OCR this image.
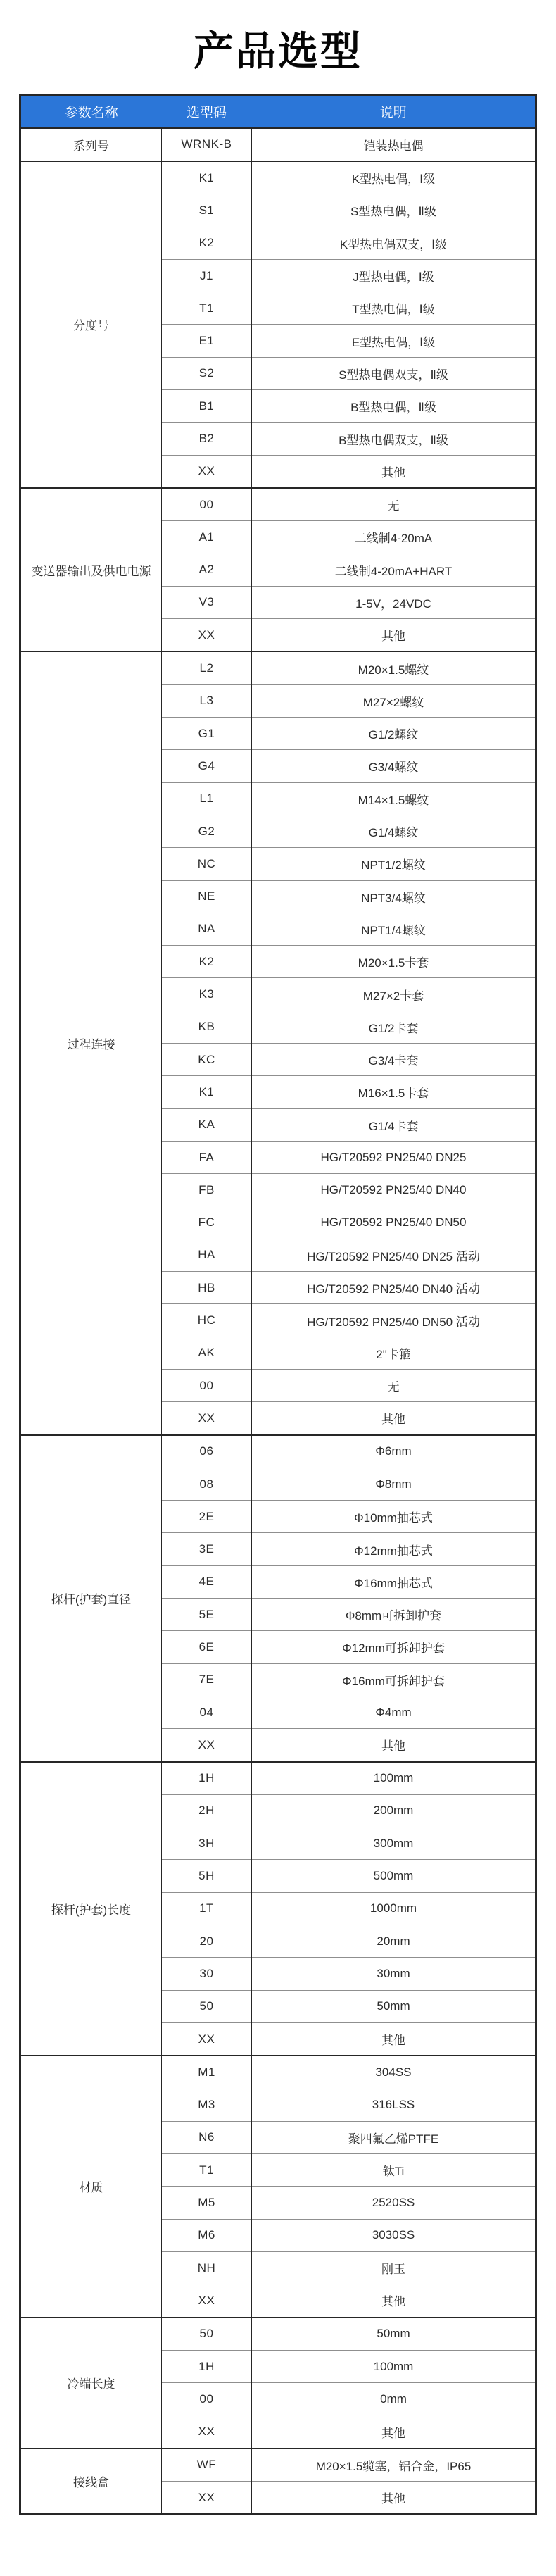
产品选型
参数名称	选型码	说明
系列号	WRNK-B	铠装热电偶
分度号	K1	K型热电偶，Ⅰ级
	S1	S型热电偶，Ⅱ级
	K2	K型热电偶双支，Ⅰ级
	J1	J型热电偶，Ⅰ级
	T1	T型热电偶，Ⅰ级
	E1	E型热电偶，Ⅰ级
	S2	S型热电偶双支，Ⅱ级
	B1	B型热电偶，Ⅱ级
	B2	B型热电偶双支，Ⅱ级
	XX	其他
变送器输出及供电电源	00	无
	A1	二线制4-20mA
	A2	二线制4-20mA+HART
	V3	1-5V，24VDC
	XX	其他
过程连接	L2	M20×1.5螺纹
	L3	M27×2螺纹
	G1	G1/2螺纹
	G4	G3/4螺纹
	L1	M14×1.5螺纹
	G2	G1/4螺纹
	NC	NPT1/2螺纹
	NE	NPT3/4螺纹
	NA	NPT1/4螺纹
	K2	M20×1.5卡套
	K3	M27×2卡套
	KB	G1/2卡套
	KC	G3/4卡套
	K1	M16×1.5卡套
	KA	G1/4卡套
	FA	HG/T20592 PN25/40 DN25
	FB	HG/T20592 PN25/40 DN40
	FC	HG/T20592 PN25/40 DN50
	HA	HG/T20592 PN25/40 DN25 活动
	HB	HG/T20592 PN25/40 DN40 活动
	HC	HG/T20592 PN25/40 DN50 活动
	AK	2"卡箍
	00	无
	XX	其他
探杆(护套)直径	06	Φ6mm
	08	Φ8mm
	2E	Φ10mm抽芯式
	3E	Φ12mm抽芯式
	4E	Φ16mm抽芯式
	5E	Φ8mm可拆卸护套
	6E	Φ12mm可拆卸护套
	7E	Φ16mm可拆卸护套
	04	Φ4mm
	XX	其他
探杆(护套)长度	1H	100mm
	2H	200mm
	3H	300mm
	5H	500mm
	1T	1000mm
	20	20mm
	30	30mm
	50	50mm
	XX	其他
材质	M1	304SS
	M3	316LSS
	N6	聚四氟乙烯PTFE
	T1	钛Ti
	M5	2520SS
	M6	3030SS
	NH	刚玉
	XX	其他
冷端长度	50	50mm
	1H	100mm
	00	0mm
	XX	其他
接线盒	WF	M20×1.5缆塞，铝合金，IP65
	XX	其他
